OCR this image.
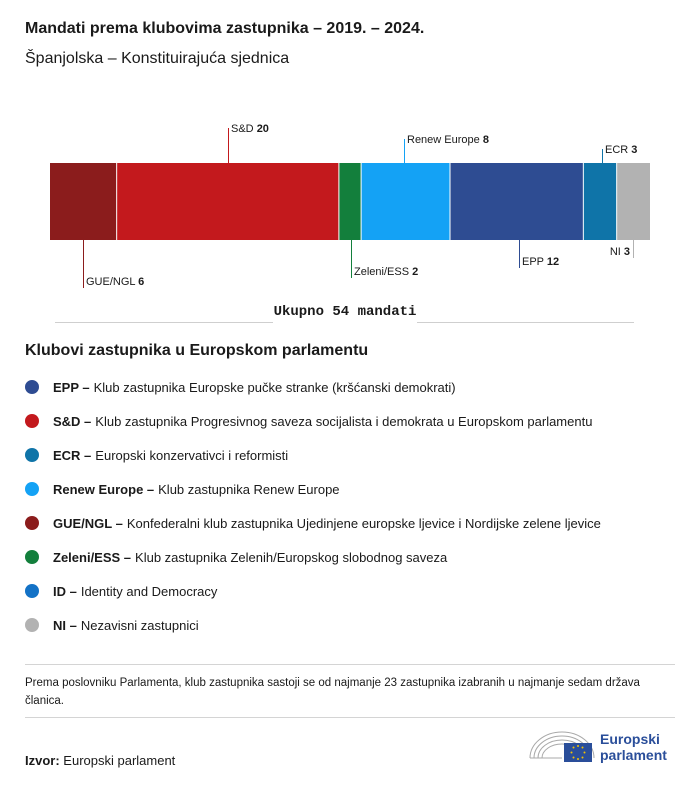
Mandati prema klubovima zastupnika – 2019. – 2024.
Španjolska – Konstituirajuća sjednica
GUE/NGL 6
S&D 20
Zeleni/ESS 2
Renew Europe 8
EPP 12
ECR 3
NI 3
Ukupno 54 mandati
Klubovi zastupnika u Europskom parlamentu
EPP – Klub zastupnika Europske pučke stranke (kršćanski demokrati)
S&D – Klub zastupnika Progresivnog saveza socijalista i demokrata u Europskom parlamentu
ECR – Europski konzervativci i reformisti
Renew Europe – Klub zastupnika Renew Europe
GUE/NGL – Konfederalni klub zastupnika Ujedinjene europske ljevice i Nordijske zelene ljevice
Zeleni/ESS – Klub zastupnika Zelenih/Europskog slobodnog saveza
ID – Identity and Democracy
NI – Nezavisni zastupnici
Prema poslovniku Parlamenta, klub zastupnika sastoji se od najmanje 23 zastupnika izabranih u najmanje sedam država članica.
Izvor: Europski parlament
Europski
parlament
